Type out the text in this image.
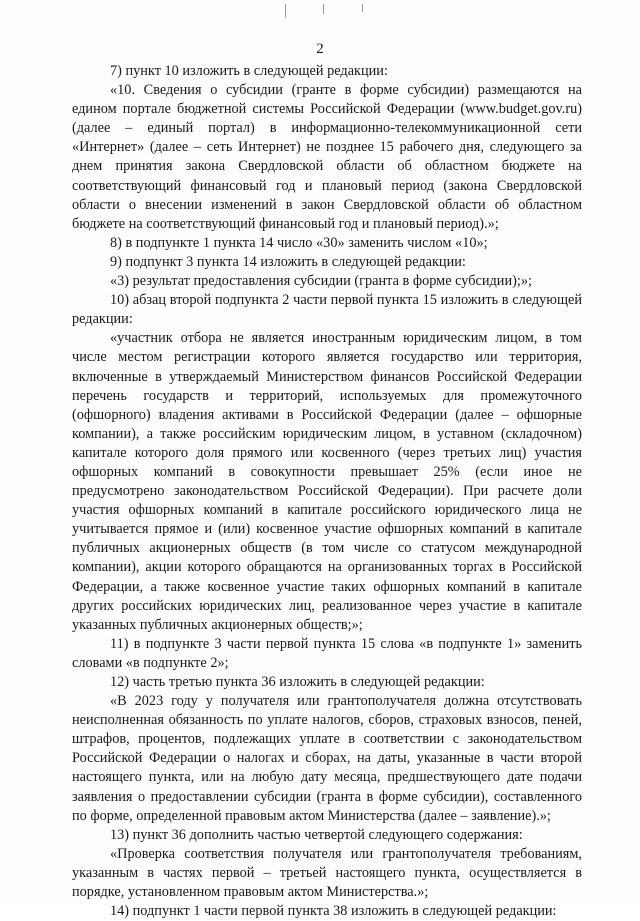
2

7) пункт 10 изложить в следующей редакции:

«10. Сведения о субсидии (гранте в форме субсидии) размещаются на едином портале бюджетной системы Российской Федерации (www.budget.gov.ru) (далее – единый портал) в информационно-телекоммуникационной сети «Интернет» (далее – сеть Интернет) не позднее 15 рабочего дня, следующего за днем принятия закона Свердловской области об областном бюджете на соответствующий финансовый год и плановый период (закона Свердловской области о внесении изменений в закон Свердловской области об областном бюджете на соответствующий финансовый год и плановый период).»;

8) в подпункте 1 пункта 14 число «30» заменить числом «10»;

9) подпункт 3 пункта 14 изложить в следующей редакции:

«3) результат предоставления субсидии (гранта в форме субсидии);»;

10) абзац второй подпункта 2 части первой пункта 15 изложить в следующей редакции:

«участник отбора не является иностранным юридическим лицом, в том числе местом регистрации которого является государство или территория, включенные в утверждаемый Министерством финансов Российской Федерации перечень государств и территорий, используемых для промежуточного (офшорного) владения активами в Российской Федерации (далее – офшорные компании), а также российским юридическим лицом, в уставном (складочном) капитале которого доля прямого или косвенного (через третьих лиц) участия офшорных компаний в совокупности превышает 25% (если иное не предусмотрено законодательством Российской Федерации). При расчете доли участия офшорных компаний в капитале российского юридического лица не учитывается прямое и (или) косвенное участие офшорных компаний в капитале публичных акционерных обществ (в том числе со статусом международной компании), акции которого обращаются на организованных торгах в Российской Федерации, а также косвенное участие таких офшорных компаний в капитале других российских юридических лиц, реализованное через участие в капитале указанных публичных акционерных обществ;»;

11) в подпункте 3 части первой пункта 15 слова «в подпункте 1» заменить словами «в подпункте 2»;

12) часть третью пункта 36 изложить в следующей редакции:

«В 2023 году у получателя или грантополучателя должна отсутствовать неисполненная обязанность по уплате налогов, сборов, страховых взносов, пеней, штрафов, процентов, подлежащих уплате в соответствии с законодательством Российской Федерации о налогах и сборах, на даты, указанные в части второй настоящего пункта, или на любую дату месяца, предшествующего дате подачи заявления о предоставлении субсидии (гранта в форме субсидии), составленного по форме, определенной правовым актом Министерства (далее – заявление).»;

13) пункт 36 дополнить частью четвертой следующего содержания:

«Проверка соответствия получателя или грантополучателя требованиям, указанным в частях первой – третьей настоящего пункта, осуществляется в порядке, установленном правовым актом Министерства.»;

14) подпункт 1 части первой пункта 38 изложить в следующей редакции:
